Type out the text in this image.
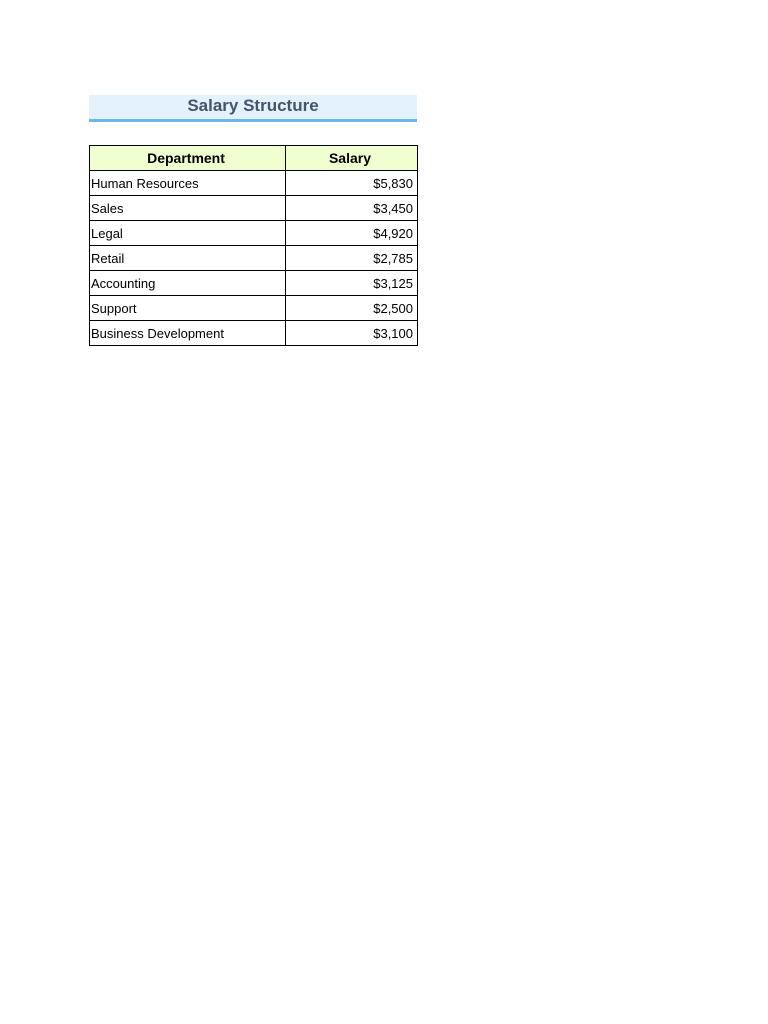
Salary Structure
Department	Salary
Human Resources	$5,830
Sales	$3,450
Legal	$4,920
Retail	$2,785
Accounting	$3,125
Support	$2,500
Business Development	$3,100
